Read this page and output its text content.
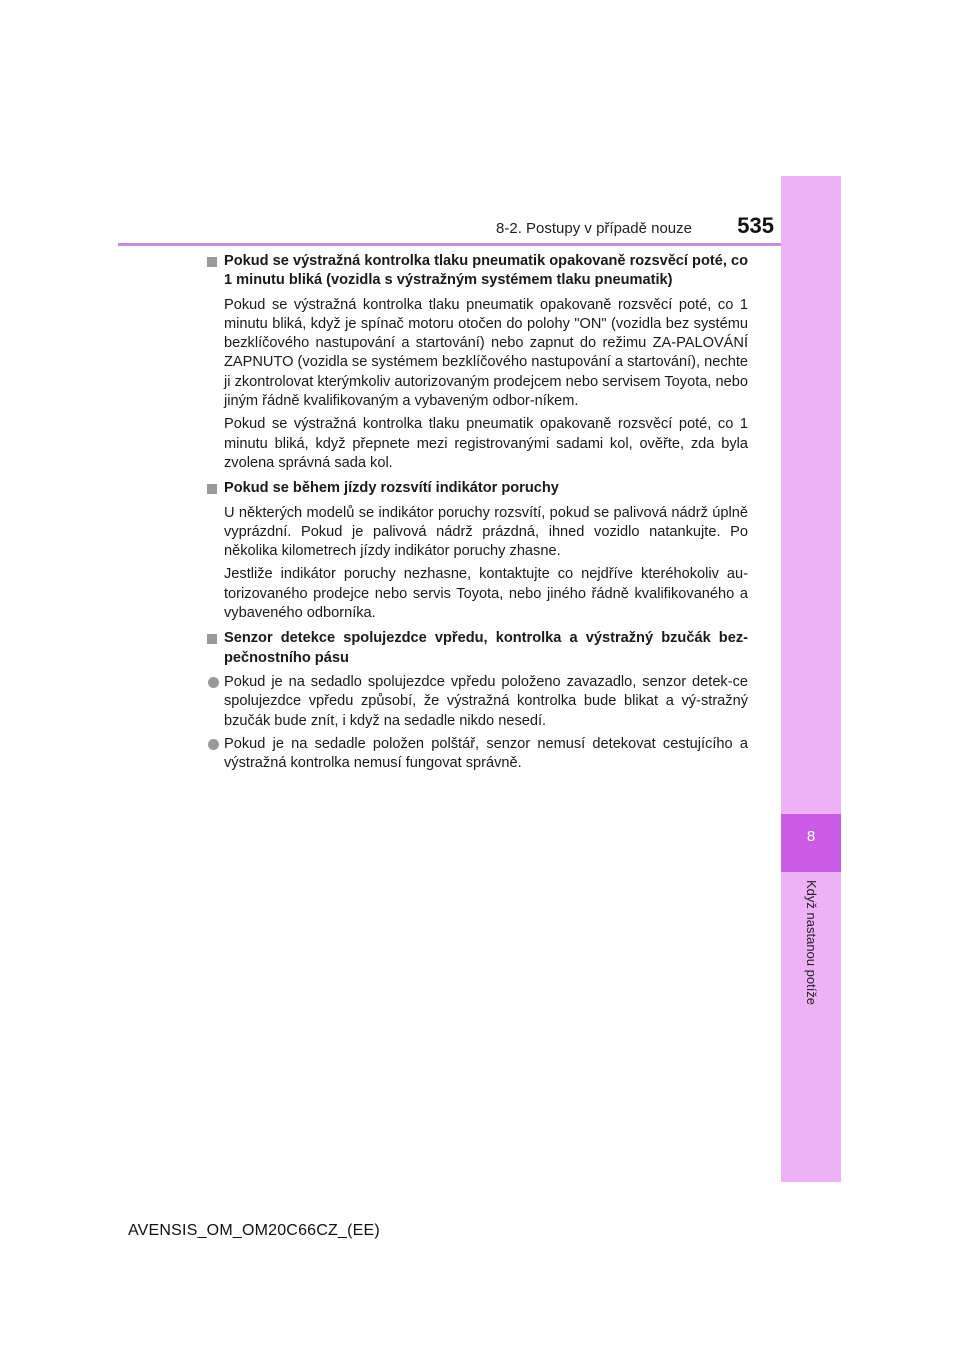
8-2. Postupy v případě nouze 535
8
Když nastanou potíže
Pokud se výstražná kontrolka tlaku pneumatik opakovaně rozsvěcí poté, co 1 minutu bliká (vozidla s výstražným systémem tlaku pneumatik)
Pokud se výstražná kontrolka tlaku pneumatik opakovaně rozsvěcí poté, co 1 minutu bliká, když je spínač motoru otočen do polohy "ON" (vozidla bez systému bezklíčového nastupování a startování) nebo zapnut do režimu ZA-PALOVÁNÍ ZAPNUTO (vozidla se systémem bezklíčového nastupování a startování), nechte ji zkontrolovat kterýmkoliv autorizovaným prodejcem nebo servisem Toyota, nebo jiným řádně kvalifikovaným a vybaveným odbor-níkem.
Pokud se výstražná kontrolka tlaku pneumatik opakovaně rozsvěcí poté, co 1 minutu bliká, když přepnete mezi registrovanými sadami kol, ověřte, zda byla zvolena správná sada kol.
Pokud se během jízdy rozsvítí indikátor poruchy
U některých modelů se indikátor poruchy rozsvítí, pokud se palivová nádrž úplně vyprázdní. Pokud je palivová nádrž prázdná, ihned vozidlo natankujte. Po několika kilometrech jízdy indikátor poruchy zhasne.
Jestliže indikátor poruchy nezhasne, kontaktujte co nejdříve kteréhokoliv au-torizovaného prodejce nebo servis Toyota, nebo jiného řádně kvalifikovaného a vybaveného odborníka.
Senzor detekce spolujezdce vpředu, kontrolka a výstražný bzučák bez-pečnostního pásu
Pokud je na sedadlo spolujezdce vpředu položeno zavazadlo, senzor detek-ce spolujezdce vpředu způsobí, že výstražná kontrolka bude blikat a vý-stražný bzučák bude znít, i když na sedadle nikdo nesedí.
Pokud je na sedadle položen polštář, senzor nemusí detekovat cestujícího a výstražná kontrolka nemusí fungovat správně.
AVENSIS_OM_OM20C66CZ_(EE)
